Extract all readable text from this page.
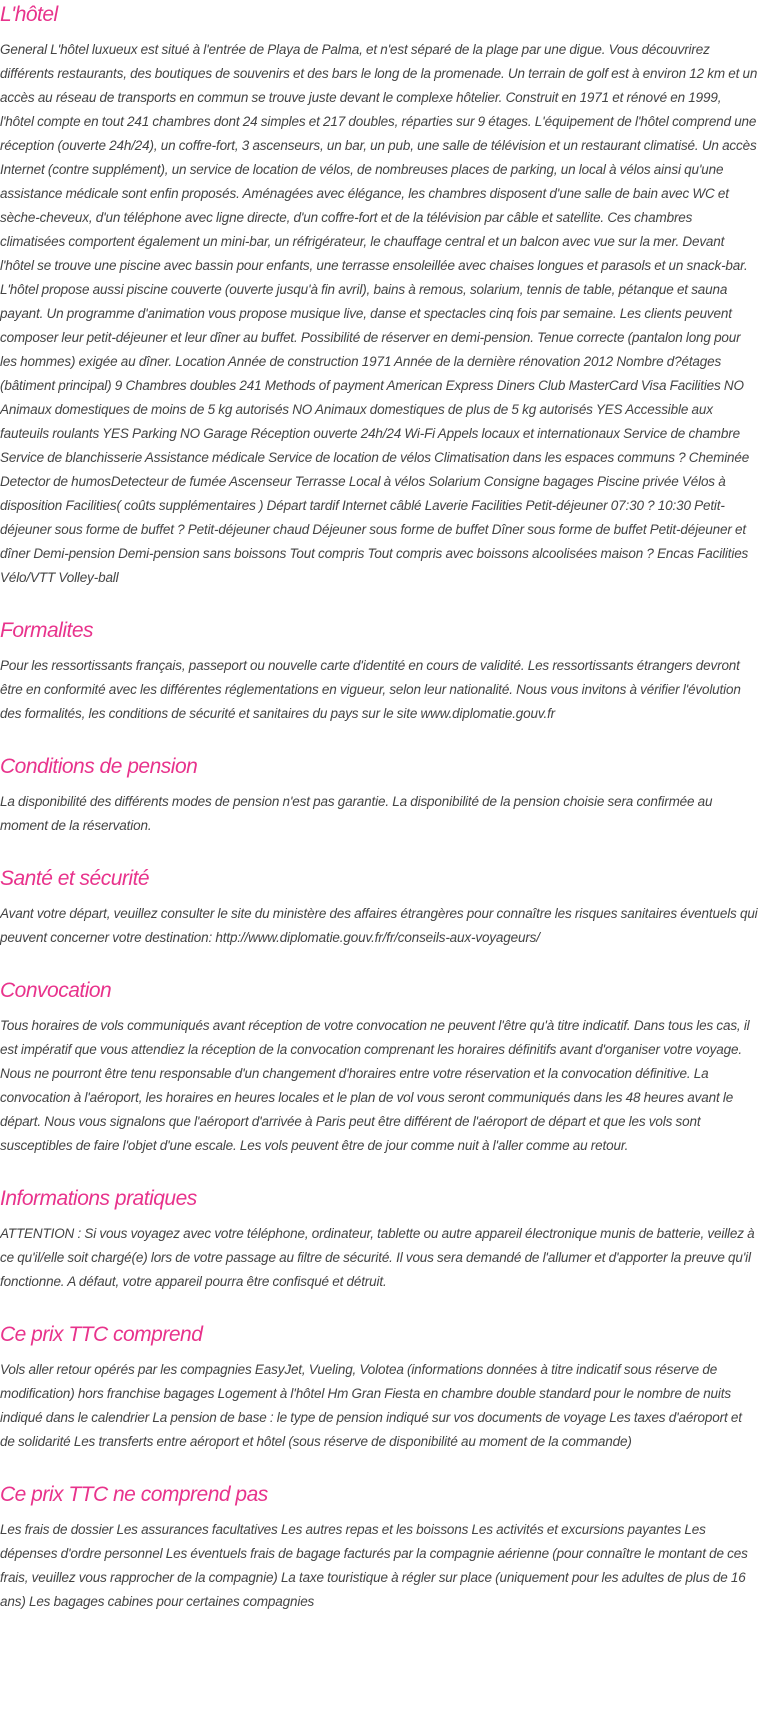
L'hôtel

General L'hôtel luxueux est situé à l'entrée de Playa de Palma, et n'est séparé de la plage par une digue. Vous découvrirez différents restaurants, des boutiques de souvenirs et des bars le long de la promenade. Un terrain de golf est à environ 12 km et un accès au réseau de transports en commun se trouve juste devant le complexe hôtelier. Construit en 1971 et rénové en 1999, l'hôtel compte en tout 241 chambres dont 24 simples et 217 doubles, réparties sur 9 étages. L'équipement de l'hôtel comprend une réception (ouverte 24h/24), un coffre-fort, 3 ascenseurs, un bar, un pub, une salle de télévision et un restaurant climatisé. Un accès Internet (contre supplément), un service de location de vélos, de nombreuses places de parking, un local à vélos ainsi qu'une assistance médicale sont enfin proposés. Aménagées avec élégance, les chambres disposent d'une salle de bain avec WC et sèche-cheveux, d'un téléphone avec ligne directe, d'un coffre-fort et de la télévision par câble et satellite. Ces chambres climatisées comportent également un mini-bar, un réfrigérateur, le chauffage central et un balcon avec vue sur la mer. Devant l'hôtel se trouve une piscine avec bassin pour enfants, une terrasse ensoleillée avec chaises longues et parasols et un snack-bar. L'hôtel propose aussi piscine couverte (ouverte jusqu'à fin avril), bains à remous, solarium, tennis de table, pétanque et sauna payant. Un programme d'animation vous propose musique live, danse et spectacles cinq fois par semaine. Les clients peuvent composer leur petit-déjeuner et leur dîner au buffet. Possibilité de réserver en demi-pension. Tenue correcte (pantalon long pour les hommes) exigée au dîner. Location Année de construction 1971 Année de la dernière rénovation 2012 Nombre d?étages (bâtiment principal) 9 Chambres doubles 241 Methods of payment American Express Diners Club MasterCard Visa Facilities NO Animaux domestiques de moins de 5 kg autorisés NO Animaux domestiques de plus de 5 kg autorisés YES Accessible aux fauteuils roulants YES Parking NO Garage Réception ouverte 24h/24 Wi-Fi Appels locaux et internationaux Service de chambre Service de blanchisserie Assistance médicale Service de location de vélos Climatisation dans les espaces communs ? Cheminée Detector de humosDetecteur de fumée Ascenseur Terrasse Local à vélos Solarium Consigne bagages Piscine privée Vélos à disposition Facilities( coûts supplémentaires ) Départ tardif Internet câblé Laverie Facilities Petit-déjeuner 07:30 ? 10:30 Petit-déjeuner sous forme de buffet ? Petit-déjeuner chaud Déjeuner sous forme de buffet Dîner sous forme de buffet Petit-déjeuner et dîner Demi-pension Demi-pension sans boissons Tout compris Tout compris avec boissons alcoolisées maison ? Encas Facilities Vélo/VTT Volley-ball

Formalites

Pour les ressortissants français, passeport ou nouvelle carte d'identité en cours de validité. Les ressortissants étrangers devront être en conformité avec les différentes réglementations en vigueur, selon leur nationalité. Nous vous invitons à vérifier l'évolution des formalités, les conditions de sécurité et sanitaires du pays sur le site www.diplomatie.gouv.fr

Conditions de pension

La disponibilité des différents modes de pension n'est pas garantie. La disponibilité de la pension choisie sera confirmée au moment de la réservation.

Santé et sécurité

Avant votre départ, veuillez consulter le site du ministère des affaires étrangères pour connaître les risques sanitaires éventuels qui peuvent concerner votre destination: http://www.diplomatie.gouv.fr/fr/conseils-aux-voyageurs/

Convocation

Tous horaires de vols communiqués avant réception de votre convocation ne peuvent l'être qu'à titre indicatif. Dans tous les cas, il est impératif que vous attendiez la réception de la convocation comprenant les horaires définitifs avant d'organiser votre voyage. Nous ne pourront être tenu responsable d'un changement d'horaires entre votre réservation et la convocation définitive. La convocation à l'aéroport, les horaires en heures locales et le plan de vol vous seront communiqués dans les 48 heures avant le départ. Nous vous signalons que l'aéroport d'arrivée à Paris peut être différent de l'aéroport de départ et que les vols sont susceptibles de faire l'objet d'une escale. Les vols peuvent être de jour comme nuit à l'aller comme au retour.

Informations pratiques

ATTENTION : Si vous voyagez avec votre téléphone, ordinateur, tablette ou autre appareil électronique munis de batterie, veillez à ce qu'il/elle soit chargé(e) lors de votre passage au filtre de sécurité. Il vous sera demandé de l'allumer et d'apporter la preuve qu'il fonctionne. A défaut, votre appareil pourra être confisqué et détruit.

Ce prix TTC comprend

Vols aller retour opérés par les compagnies EasyJet, Vueling, Volotea (informations données à titre indicatif sous réserve de modification) hors franchise bagages Logement à l'hôtel Hm Gran Fiesta en chambre double standard pour le nombre de nuits indiqué dans le calendrier La pension de base : le type de pension indiqué sur vos documents de voyage Les taxes d'aéroport et de solidarité Les transferts entre aéroport et hôtel (sous réserve de disponibilité au moment de la commande)

Ce prix TTC ne comprend pas

Les frais de dossier Les assurances facultatives Les autres repas et les boissons Les activités et excursions payantes Les dépenses d'ordre personnel Les éventuels frais de bagage facturés par la compagnie aérienne (pour connaître le montant de ces frais, veuillez vous rapprocher de la compagnie) La taxe touristique à régler sur place (uniquement pour les adultes de plus de 16 ans) Les bagages cabines pour certaines compagnies
